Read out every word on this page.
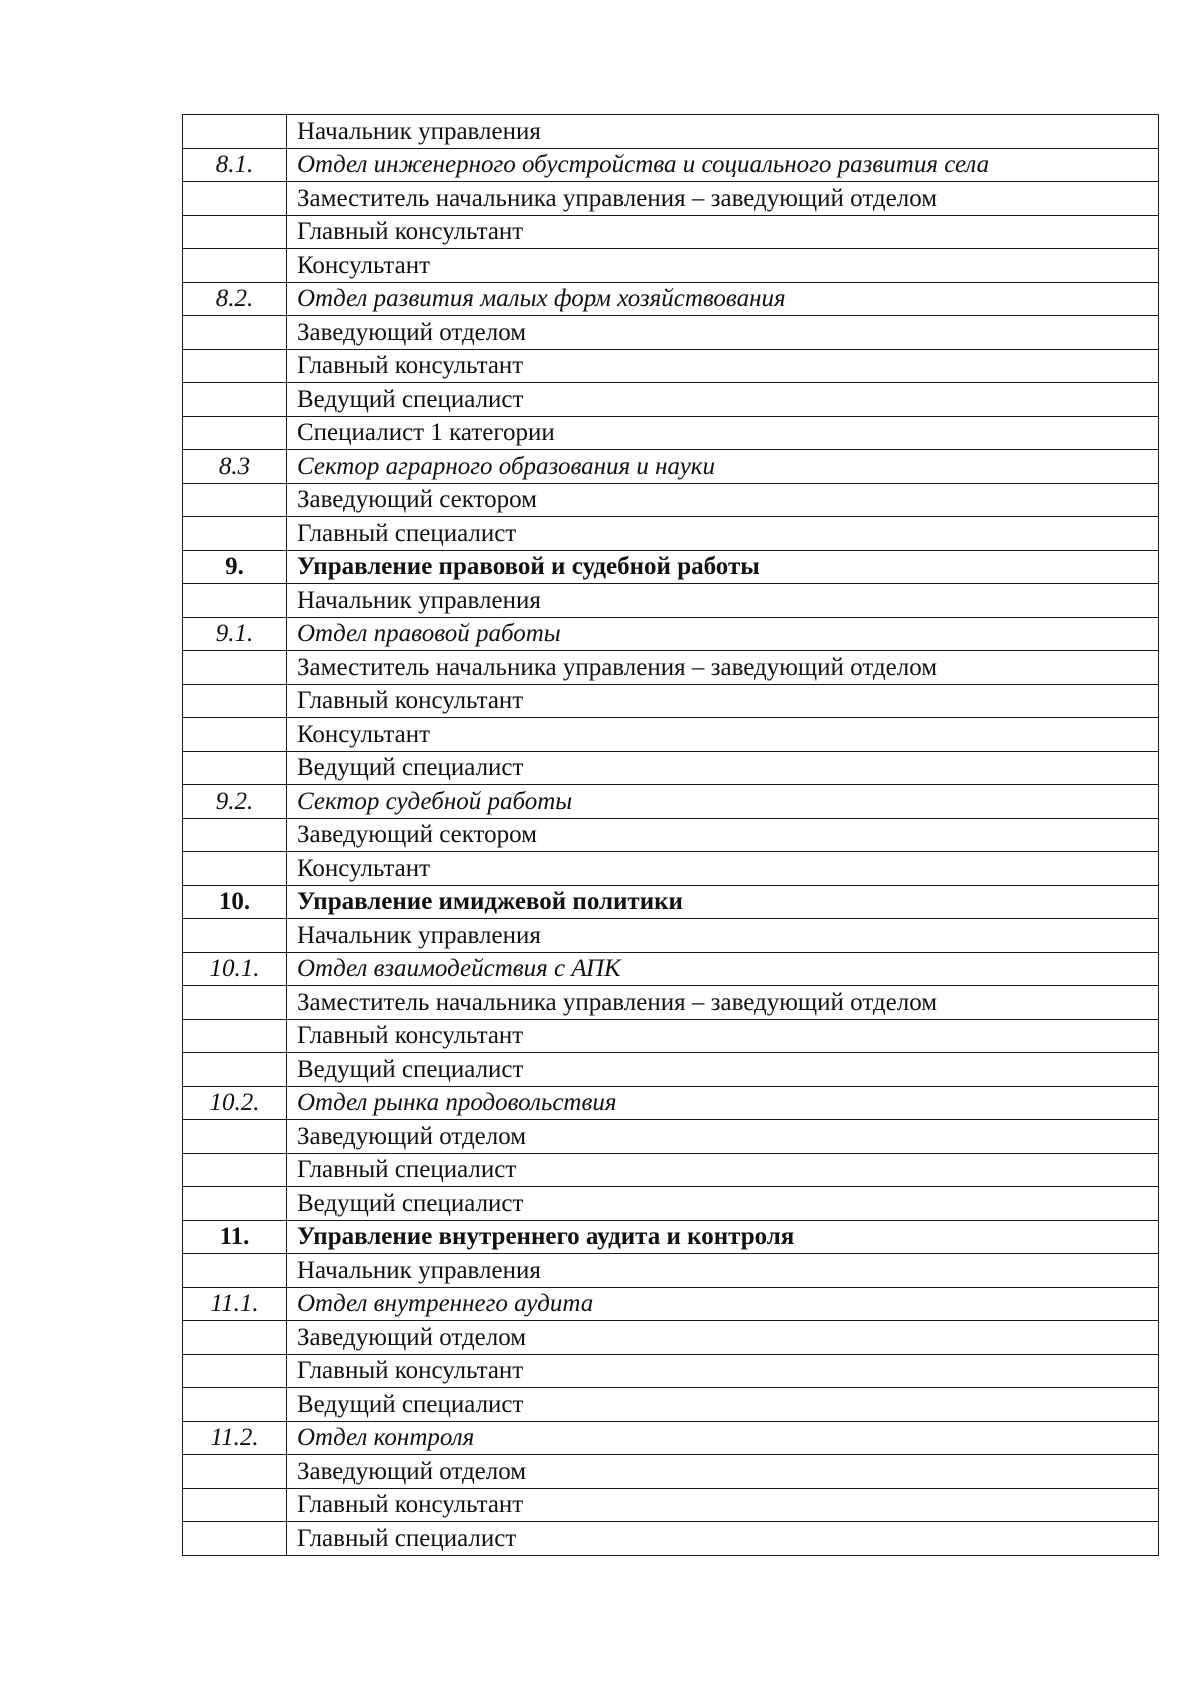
	Начальник управления
8.1.	Отдел инженерного обустройства и социального развития села
	Заместитель начальника управления – заведующий отделом
	Главный консультант
	Консультант
8.2.	Отдел развития малых форм хозяйствования
	Заведующий отделом
	Главный консультант
	Ведущий специалист
	Специалист 1 категории
8.3	Сектор аграрного образования и науки
	Заведующий сектором
	Главный специалист
9.	Управление правовой и судебной работы
	Начальник управления
9.1.	Отдел правовой работы
	Заместитель начальника управления – заведующий отделом
	Главный консультант
	Консультант
	Ведущий специалист
9.2.	Сектор судебной работы
	Заведующий сектором
	Консультант
10.	Управление имиджевой политики
	Начальник управления
10.1.	Отдел взаимодействия с АПК
	Заместитель начальника управления – заведующий отделом
	Главный консультант
	Ведущий специалист
10.2.	Отдел рынка продовольствия
	Заведующий отделом
	Главный специалист
	Ведущий специалист
11.	Управление внутреннего аудита и контроля
	Начальник управления
11.1.	Отдел внутреннего аудита
	Заведующий отделом
	Главный консультант
	Ведущий специалист
11.2.	Отдел контроля
	Заведующий отделом
	Главный консультант
	Главный специалист
